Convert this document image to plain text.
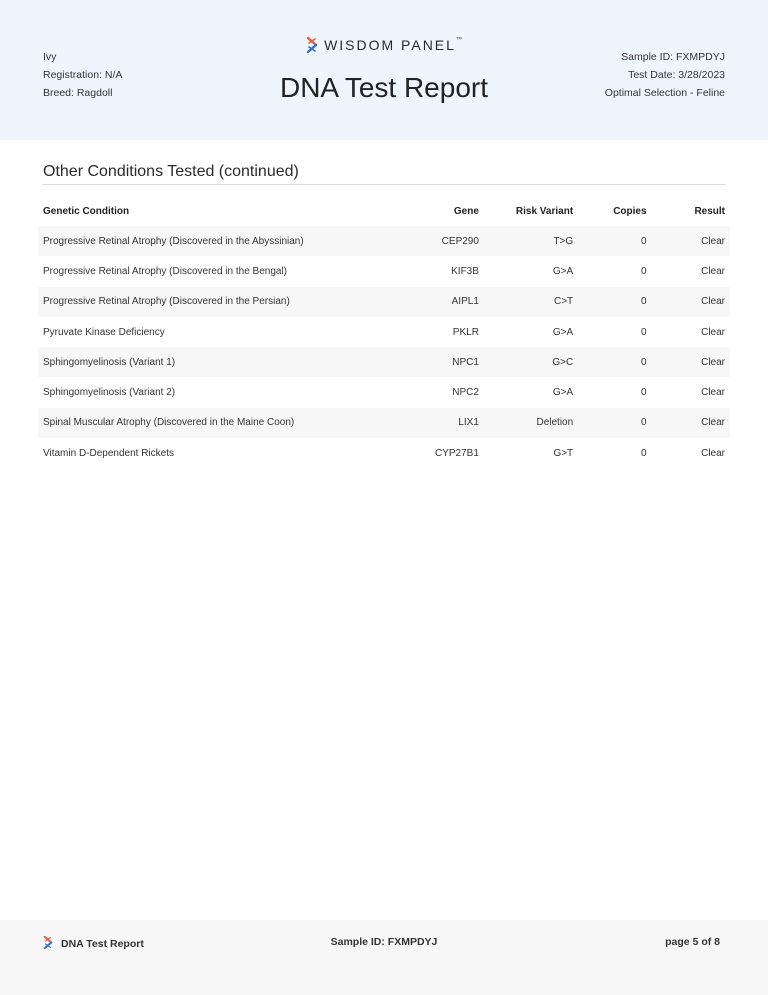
Ivy
Registration: N/A
Breed: Ragdoll
WISDOM PANEL™
DNA Test Report
Sample ID: FXMPDYJ
Test Date: 3/28/2023
Optimal Selection - Feline
Other Conditions Tested (continued)
Genetic Condition	Gene	Risk Variant	Copies	Result
Progressive Retinal Atrophy (Discovered in the Abyssinian)	CEP290	T>G	0	Clear
Progressive Retinal Atrophy (Discovered in the Bengal)	KIF3B	G>A	0	Clear
Progressive Retinal Atrophy (Discovered in the Persian)	AIPL1	C>T	0	Clear
Pyruvate Kinase Deficiency	PKLR	G>A	0	Clear
Sphingomyelinosis (Variant 1)	NPC1	G>C	0	Clear
Sphingomyelinosis (Variant 2)	NPC2	G>A	0	Clear
Spinal Muscular Atrophy (Discovered in the Maine Coon)	LIX1	Deletion	0	Clear
Vitamin D-Dependent Rickets	CYP27B1	G>T	0	Clear
DNA Test Report	Sample ID: FXMPDYJ	page 5 of 8
